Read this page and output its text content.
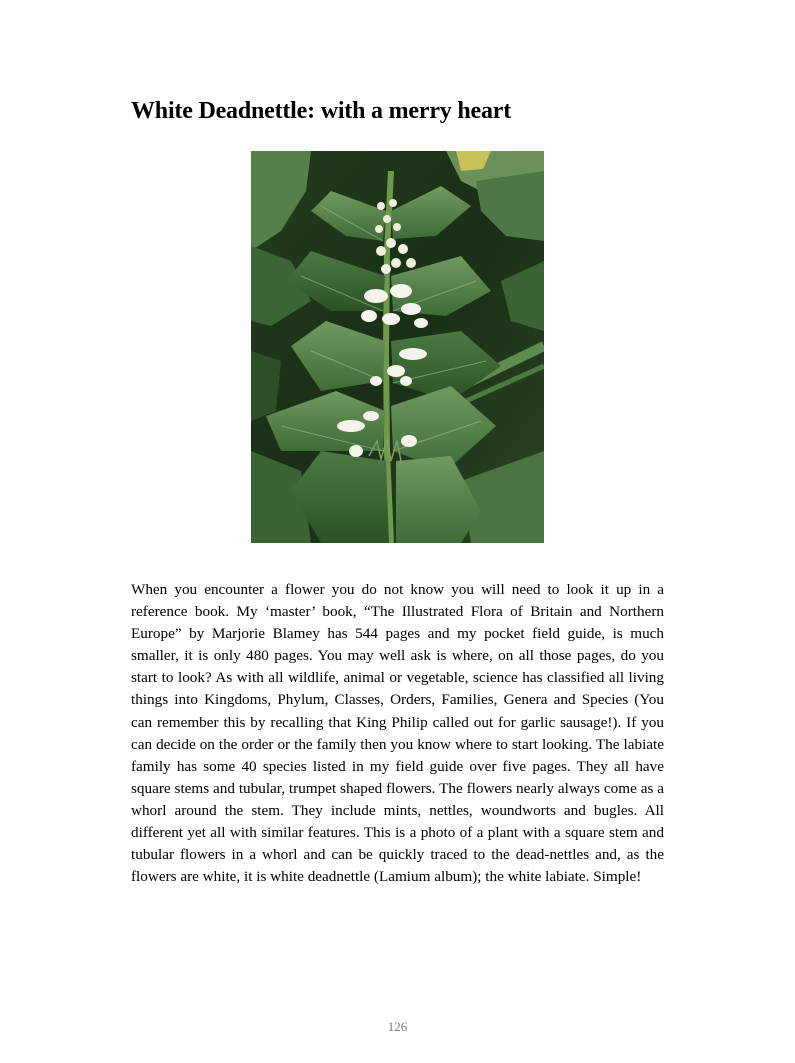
White Deadnettle: with a merry heart

When you encounter a flower you do not know you will need to look it up in a reference book. My ‘master’ book, “The Illustrated Flora of Britain and Northern Europe” by Marjorie Blamey has 544 pages and my pocket field guide, is much smaller, it is only 480 pages. You may well ask is where, on all those pages, do you start to look? As with all wildlife, animal or vegetable, science has classified all living things into Kingdoms, Phylum, Classes, Orders, Families, Genera and Species (You can remember this by recalling that King Philip called out for garlic sausage!). If you can decide on the order or the family then you know where to start looking. The labiate family has some 40 species listed in my field guide over five pages. They all have square stems and tubular, trumpet shaped flowers. The flowers nearly always come as a whorl around the stem. They include mints, nettles, woundworts and bugles. All different yet all with similar features. This is a photo of a plant with a square stem and tubular flowers in a whorl and can be quickly traced to the dead-nettles and, as the flowers are white, it is white deadnettle (Lamium album); the white labiate. Simple!

126
